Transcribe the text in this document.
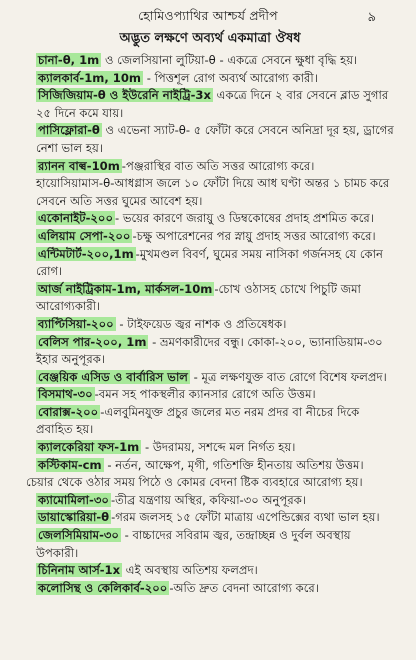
হোমিওপ্যাথির আশ্চর্য প্রদীপ	৯
অদ্ভুত লক্ষণে অব্যর্থ একমাত্রা ঔষধ

চানা-θ, 1m ও জেলসিয়ানা লুটিয়া-θ - একত্রে সেবনে ক্ষুধা বৃদ্ধি হয়।

ক্যালকার্ব-1m, 10m - পিত্তশূল রোগ অব্যর্থ আরোগ্য কারী।

সিজিজিয়াম-θ ও ইউরেনি নাইট্রি-3x একত্রে দিনে ২ বার সেবনে ব্লাড সুগার ২৫ দিনে কমে যায়।

পাসিফ্লোরা-θ ও এভেনা স্যাট-θ- ৫ ফোঁটা করে সেবনে অনিদ্রা দূর হয়, ড্রাগের নেশা ভাল হয়।

র‍্যানন বাল্ব-10m -পঞ্জরাস্থির বাত অতি সত্তর আরোগ্য করে।

হায়োসিয়ামাস-θ-আধগ্লাস জলে ১০ ফোঁটা দিয়ে আধ ঘণ্টা অন্তর ১ চামচ করে সেবনে অতি সত্তর ঘুমের আবেশ হয়।

একোনাইট-২০০ - ভয়ের কারণে জরায়ু ও ডিম্বকোষের প্রদাহ প্রশমিত করে।

এলিয়াম সেপা-২০০ -চক্ষু অপারেশনের পর স্নায়ু প্রদাহ সত্তর আরোগ্য করে।

এন্টিমটার্ট-২০০,1m -মুখমণ্ডল বিবর্ণ, ঘুমের সময় নাসিকা গর্জনসহ যে কোন রোগ।

আর্জ নাইট্রিকাম-1m, মার্কসল-10m -চোখ ওঠাসহ চোখে পিচুটি জমা আরোগ্যকারী।

ব্যাপ্টিসিয়া-২০০ - টাইফয়েড জ্বর নাশক ও প্রতিষেধক।

বেলিস পার-২০০, 1m - ভ্রমণকারীদের বন্ধু। কোকা-২০০, ভ্যানাডিয়াম-৩০ ইহার অনুপূরক।

বেঞ্জয়িক এসিড ও বার্বারিস ভাল - মূত্র লক্ষণযুক্ত বাত রোগে বিশেষ ফলপ্রদ।

বিসমাথ-৩০ -বমন সহ পাকস্থলীর ক্যানসার রোগে অতি উত্তম।

বোরাক্স-২০০ -এলবুমিনযুক্ত প্রচুর জলের মত নরম প্রদর বা নীচের দিকে প্রবাহিত হয়।

ক্যালকেরিয়া ফস-1m - উদরাময়, সশব্দে মল নির্গত হয়।

কস্টিকাম-cm - নর্তন, আক্ষেপ, মৃগী, গতিশক্তি হীনতায় অতিশয় উত্তম।

চেয়ার থেকে ওঠার সময় পিঠে ও কোমর বেদনা ষ্টিক ব্যবহারে আরোগ্য হয়।

ক্যামোমিলা-৩০ -তীব্র যন্ত্রণায় অস্থির, কফিয়া-৩০ অনুপূরক।

ডায়াস্কোরিয়া-θ -গরম জলসহ ১৫ ফোঁটা মাত্রায় এপেন্ডিক্সের ব্যথা ভাল হয়।

জেলসিমিয়াম-৩০ - বাচ্চাদের সবিরাম জ্বর, তন্দ্রাচ্ছন্ন ও দুর্বল অবস্থায় উপকারী।

চিনিনাম আর্স-1x এই অবস্থায় অতিশয় ফলপ্রদ।

কলোসিন্থ ও কেলিকার্ব-২০০ -অতি দ্রুত বেদনা আরোগ্য করে।
